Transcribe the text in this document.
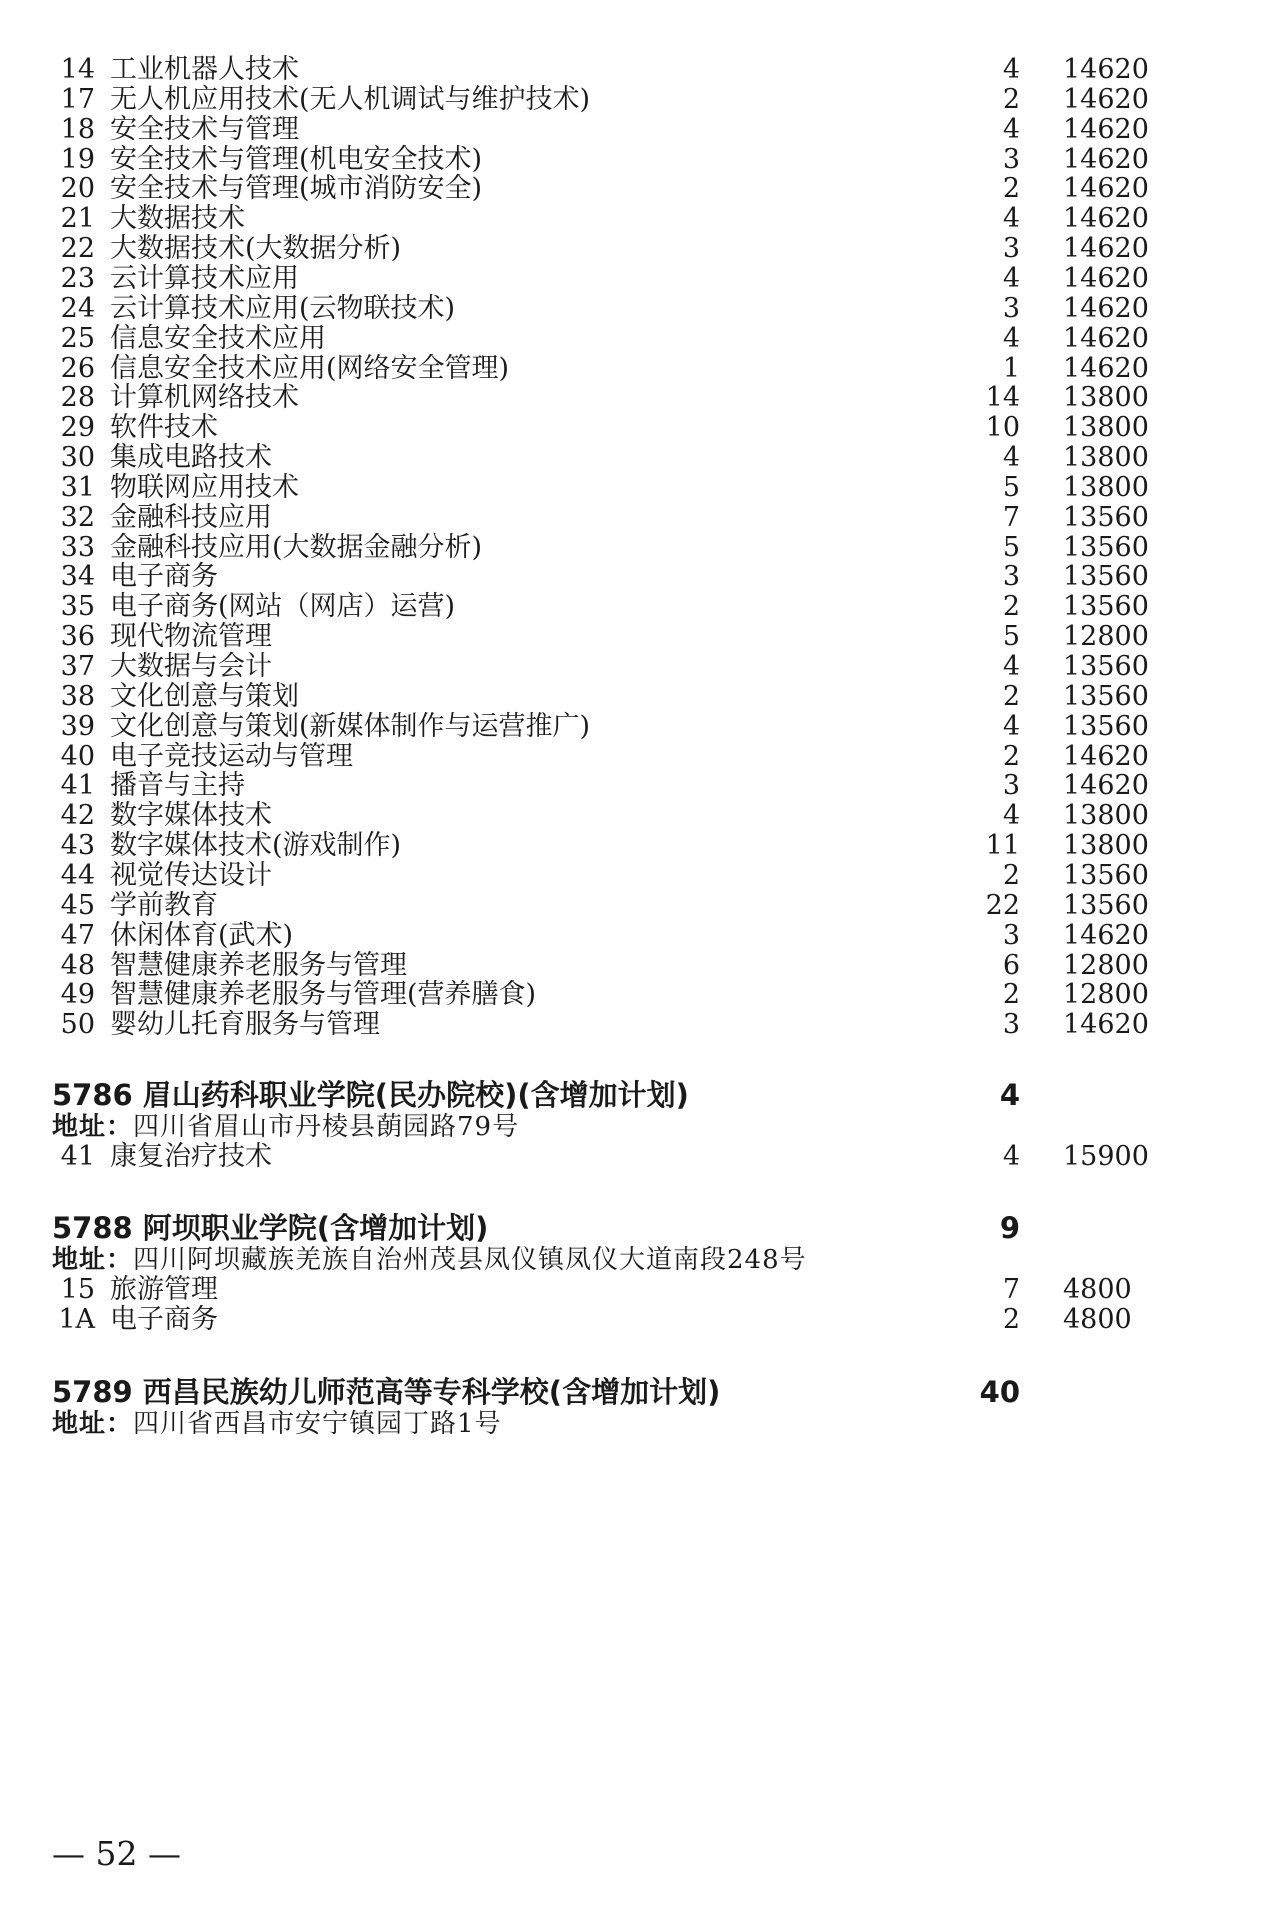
14 工业机器人技术	4 14620
17 无人机应用技术(无人机调试与维护技术)	2 14620
18 安全技术与管理	4 14620
19 安全技术与管理(机电安全技术)	3 14620
20 安全技术与管理(城市消防安全)	2 14620
21 大数据技术	4 14620
22 大数据技术(大数据分析)	3 14620
23 云计算技术应用	4 14620
24 云计算技术应用(云物联技术)	3 14620
25 信息安全技术应用	4 14620
26 信息安全技术应用(网络安全管理)	1 14620
28 计算机网络技术	14 13800
29 软件技术	10 13800
30 集成电路技术	4 13800
31 物联网应用技术	5 13800
32 金融科技应用	7 13560
33 金融科技应用(大数据金融分析)	5 13560
34 电子商务	3 13560
35 电子商务(网站（网店）运营)	2 13560
36 现代物流管理	5 12800
37 大数据与会计	4 13560
38 文化创意与策划	2 13560
39 文化创意与策划(新媒体制作与运营推广)	4 13560
40 电子竞技运动与管理	2 14620
41 播音与主持	3 14620
42 数字媒体技术	4 13800
43 数字媒体技术(游戏制作)	11 13800
44 视觉传达设计	2 13560
45 学前教育	22 13560
47 休闲体育(武术)	3 14620
48 智慧健康养老服务与管理	6 12800
49 智慧健康养老服务与管理(营养膳食)	2 12800
50 婴幼儿托育服务与管理	3 14620
5786 眉山药科职业学院(民办院校)(含增加计划)	4
地址：四川省眉山市丹棱县蓢园路79号
41 康复治疗技术	4 15900
5788 阿坝职业学院(含增加计划)	9
地址：四川阿坝藏族羌族自治州茂县凤仪镇凤仪大道南段248号
15 旅游管理	7 4800
1A 电子商务	2 4800
5789 西昌民族幼儿师范高等专科学校(含增加计划)	40
地址：四川省西昌市安宁镇园丁路1号
— 52 —
